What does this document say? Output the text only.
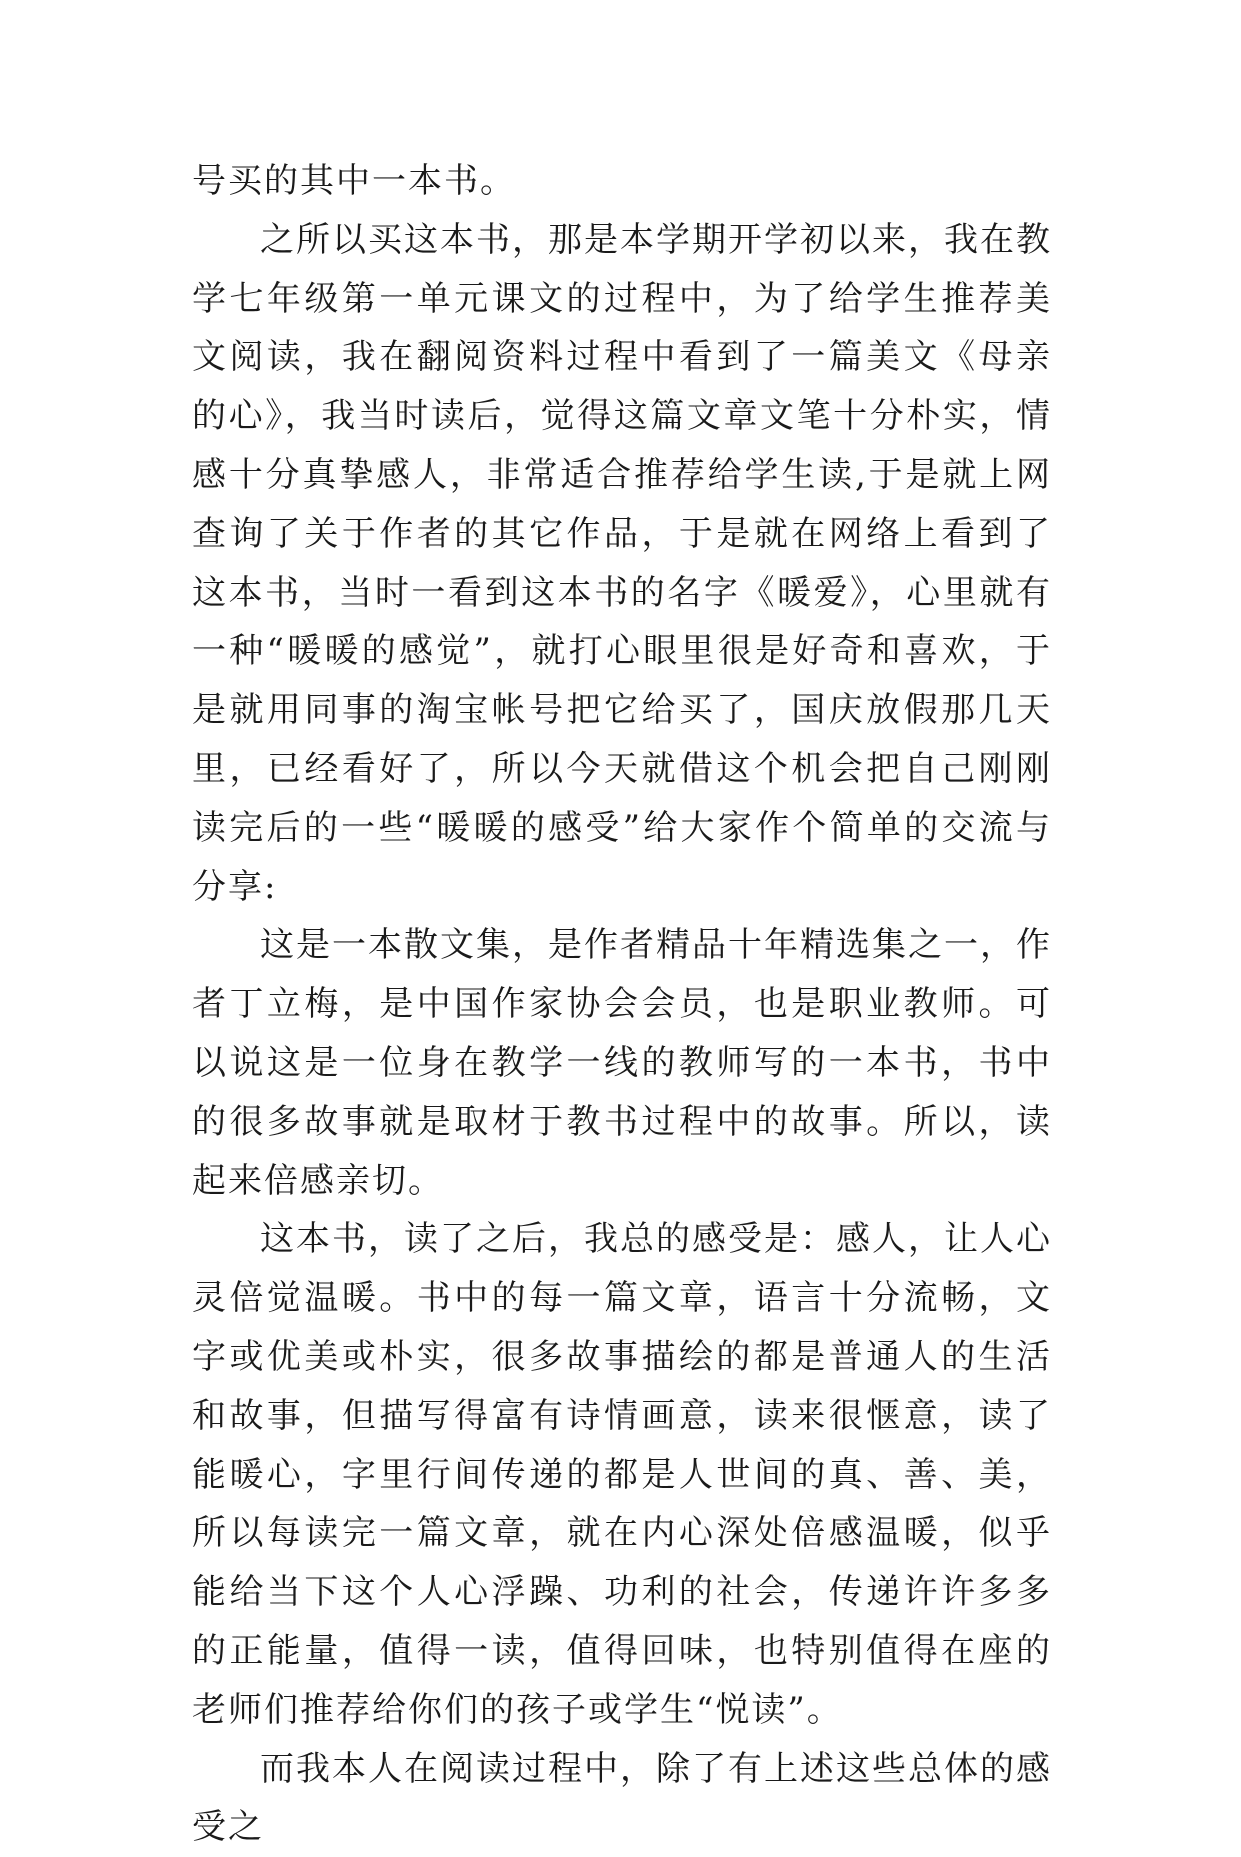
号买的其中一本书。

之所以买这本书，那是本学期开学初以来，我在教学七年级第一单元课文的过程中，为了给学生推荐美文阅读，我在翻阅资料过程中看到了一篇美文《母亲的心》，我当时读后，觉得这篇文章文笔十分朴实，情感十分真挚感人，非常适合推荐给学生读,于是就上网查询了关于作者的其它作品，于是就在网络上看到了这本书，当时一看到这本书的名字《暖爱》，心里就有一种“暖暖的感觉”，就打心眼里很是好奇和喜欢，于是就用同事的淘宝帐号把它给买了，国庆放假那几天里，已经看好了，所以今天就借这个机会把自己刚刚读完后的一些“暖暖的感受”给大家作个简单的交流与分享:

这是一本散文集，是作者精品十年精选集之一，作者丁立梅，是中国作家协会会员，也是职业教师。可以说这是一位身在教学一线的教师写的一本书，书中的很多故事就是取材于教书过程中的故事。所以，读起来倍感亲切。

这本书，读了之后，我总的感受是：感人，让人心灵倍觉温暖。书中的每一篇文章，语言十分流畅，文字或优美或朴实，很多故事描绘的都是普通人的生活和故事，但描写得富有诗情画意，读来很惬意，读了能暖心，字里行间传递的都是人世间的真、善、美，所以每读完一篇文章，就在内心深处倍感温暖，似乎能给当下这个人心浮躁、功利的社会，传递许许多多的正能量，值得一读，值得回味，也特别值得在座的老师们推荐给你们的孩子或学生“悦读”。

而我本人在阅读过程中，除了有上述这些总体的感受之
